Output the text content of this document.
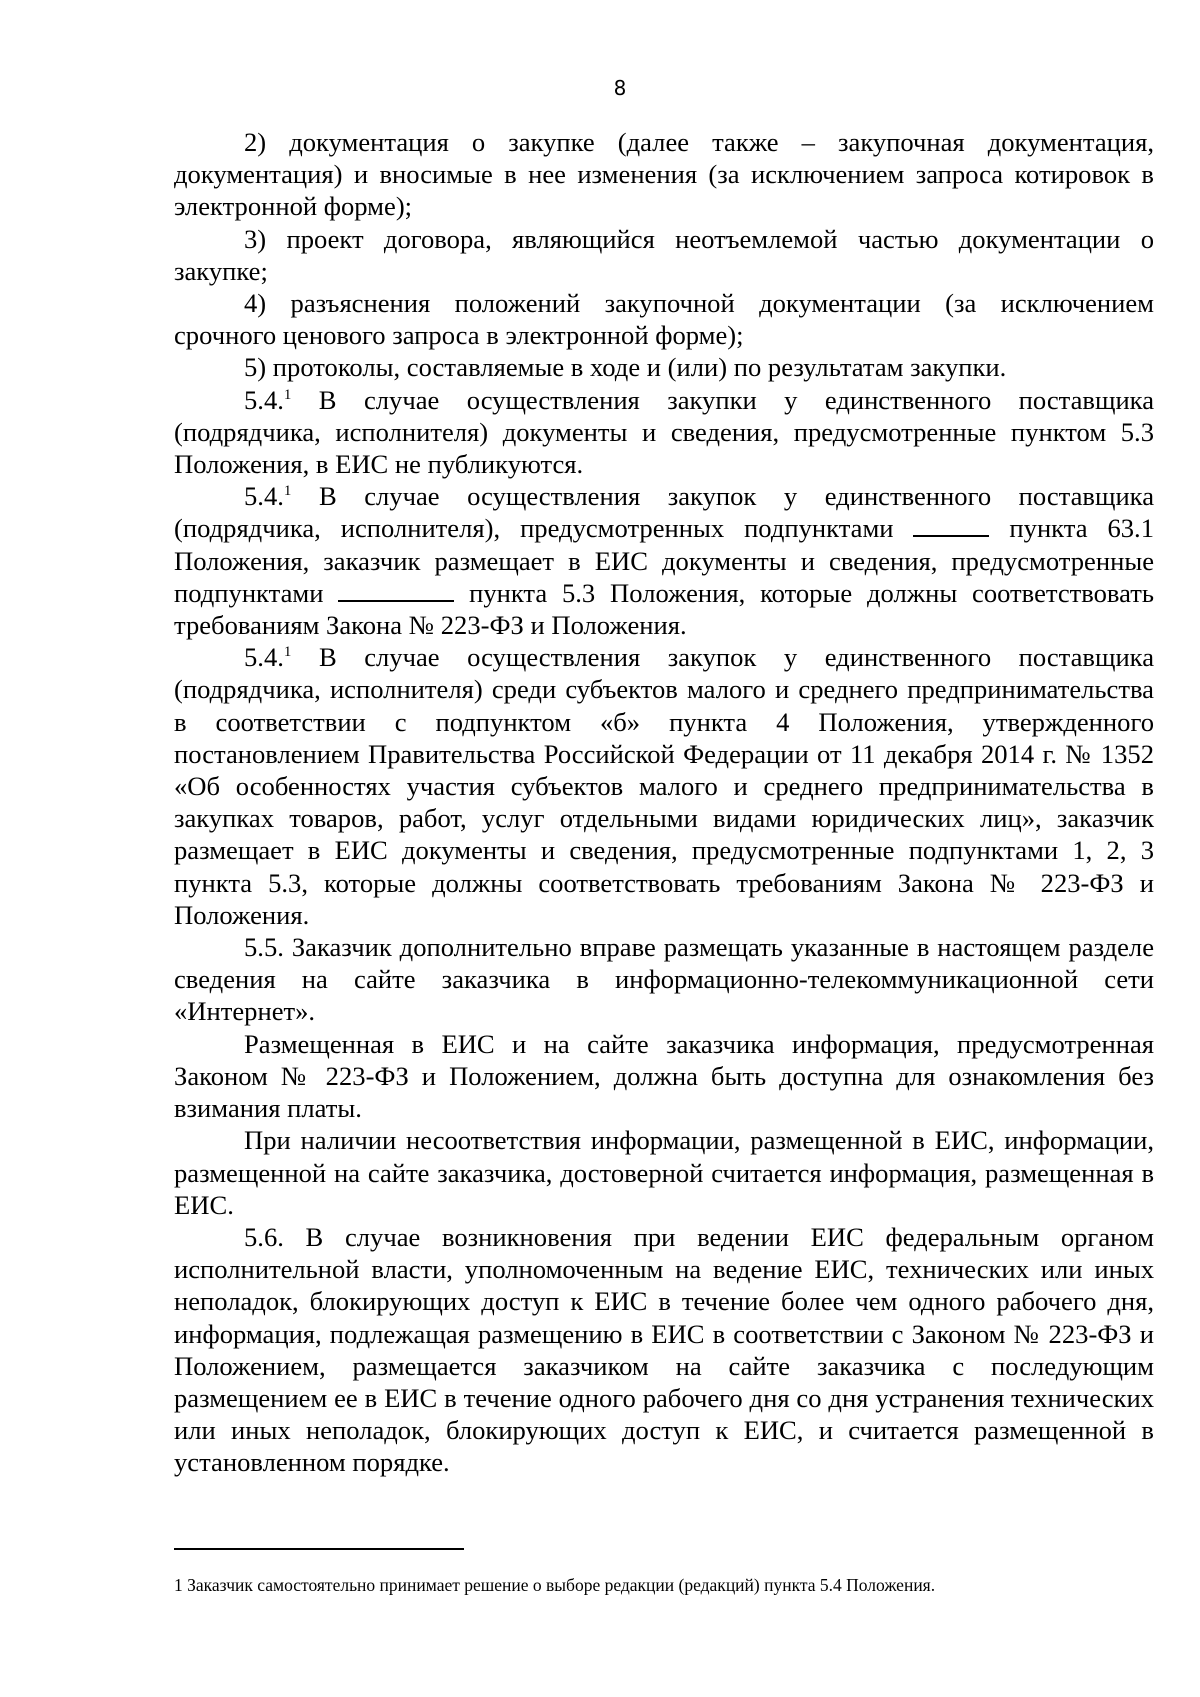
8

2) документация о закупке (далее также – закупочная документация, документация) и вносимые в нее изменения (за исключением запроса котировок в электронной форме);

3) проект договора, являющийся неотъемлемой частью документации о закупке;

4) разъяснения положений закупочной документации (за исключением срочного ценового запроса в электронной форме);

5) протоколы, составляемые в ходе и (или) по результатам закупки.

5.4.$^1$ В случае осуществления закупки у единственного поставщика (подрядчика, исполнителя) документы и сведения, предусмотренные пунктом 5.3 Положения, в ЕИС не публикуются.

5.4.$^1$ В случае осуществления закупок у единственного поставщика (подрядчика, исполнителя), предусмотренных подпунктами	пункта 63.1 Положения, заказчик размещает в ЕИС документы и сведения, предусмотренные подпунктами	пункта 5.3 Положения, которые должны соответствовать требованиям Закона № 223-ФЗ и Положения.

5.4.$^1$ В случае осуществления закупок у единственного поставщика (подрядчика, исполнителя) среди субъектов малого и среднего предпринимательства в соответствии с подпунктом «б» пункта 4 Положения, утвержденного постановлением Правительства Российской Федерации от 11 декабря 2014 г. № 1352 «Об особенностях участия субъектов малого и среднего предпринимательства в закупках товаров, работ, услуг отдельными видами юридических лиц», заказчик размещает в ЕИС документы и сведения, предусмотренные подпунктами 1, 2, 3 пункта 5.3, которые должны соответствовать требованиям Закона № 223-ФЗ и Положения.

5.5. Заказчик дополнительно вправе размещать указанные в настоящем разделе сведения на сайте заказчика в информационно-телекоммуникационной сети «Интернет».

Размещенная в ЕИС и на сайте заказчика информация, предусмотренная Законом № 223-ФЗ и Положением, должна быть доступна для ознакомления без взимания платы.

При наличии несоответствия информации, размещенной в ЕИС, информации, размещенной на сайте заказчика, достоверной считается информация, размещенная в ЕИС.

5.6. В случае возникновения при ведении ЕИС федеральным органом исполнительной власти, уполномоченным на ведение ЕИС, технических или иных неполадок, блокирующих доступ к ЕИС в течение более чем одного рабочего дня, информация, подлежащая размещению в ЕИС в соответствии с Законом № 223-ФЗ и Положением, размещается заказчиком на сайте заказчика с последующим размещением ее в ЕИС в течение одного рабочего дня со дня устранения технических или иных неполадок, блокирующих доступ к ЕИС, и считается размещенной в установленном порядке.

1 Заказчик самостоятельно принимает решение о выборе редакции (редакций) пункта 5.4 Положения.
